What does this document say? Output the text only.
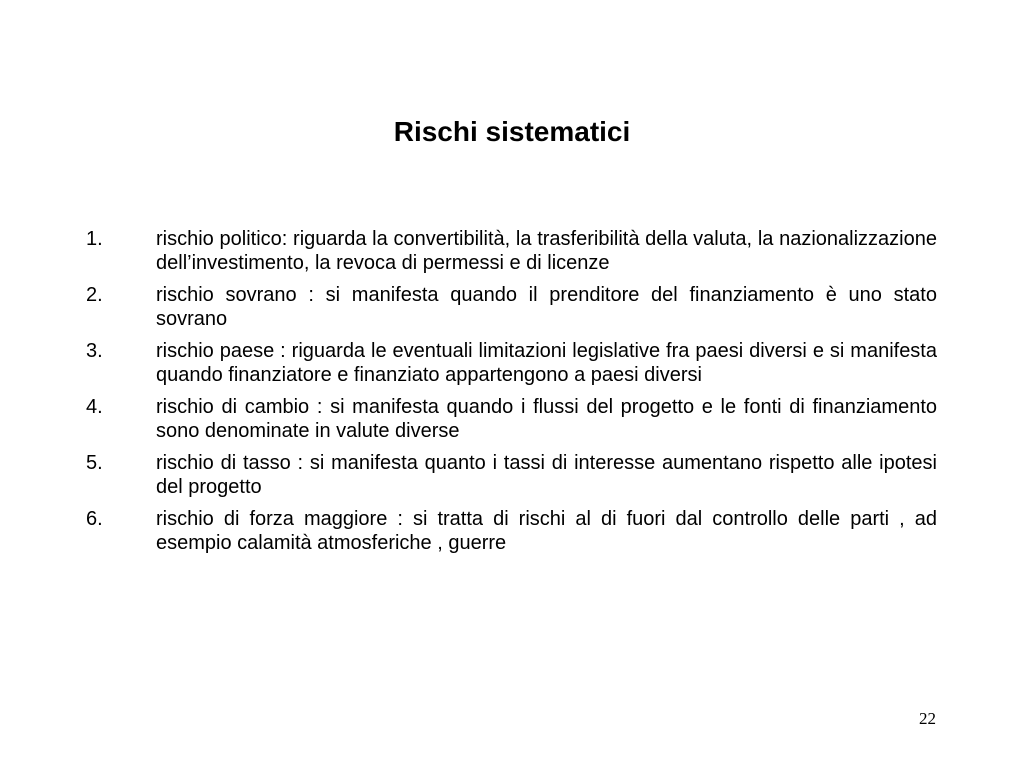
Rischi sistematici
1.	rischio politico: riguarda la convertibilità, la trasferibilità della valuta, la nazionalizzazione dell’investimento, la revoca di permessi e di licenze
2.	rischio sovrano : si manifesta quando il prenditore del finanziamento è uno stato sovrano
3.	rischio paese : riguarda le eventuali limitazioni legislative fra paesi diversi e si manifesta quando finanziatore e finanziato appartengono a paesi diversi
4.	rischio di cambio : si manifesta quando i flussi del progetto e le fonti di finanziamento sono denominate in valute diverse
5.	rischio di tasso : si manifesta quanto i tassi di interesse aumentano rispetto alle ipotesi del progetto
6.	rischio di forza maggiore : si tratta di rischi al di fuori dal controllo delle parti , ad esempio calamità atmosferiche , guerre
22
